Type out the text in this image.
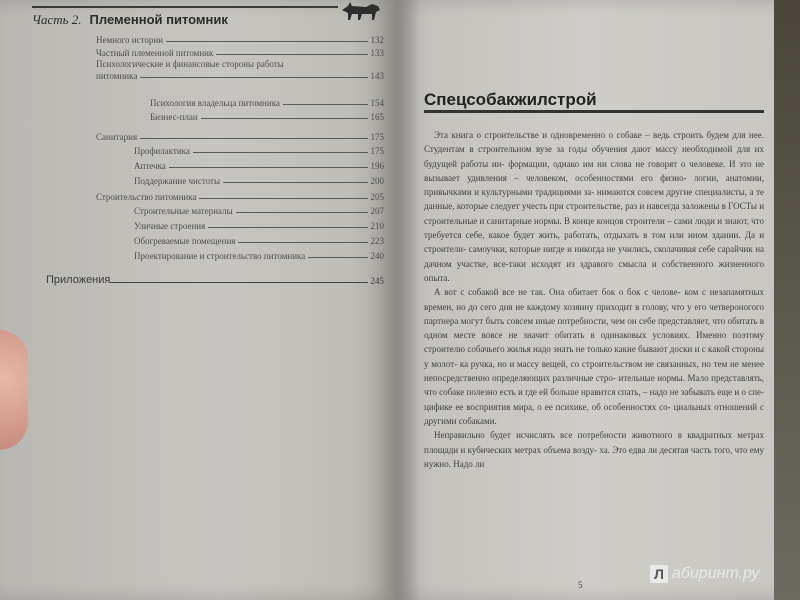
Часть 2. Племенной питомник
Немного истории	132
Частный племенной питомник	133
Психологические и финансовые стороны работы
питомника	143
Психология владельца питомника	154
Бизнес-план	165
Санитария	175
Профилактика	175
Аптечка	196
Поддержание чистоты	200
Строительство питомника	205
Строительные материалы	207
Уличные строения	210
Обогреваемые помещения	223
Проектирование и строительство питомника	240
Приложения	245
Спецсобакжилстрой

Эта книга о строительстве и одновременно о собаке – ведь строить будем для нее. Студентам в строительном вузе за годы обучения дают массу необходимой для их будущей работы ин- формации, однако им ни слова не говорят о человеке. И это не вызывает удивления – человеком, особенностями его физио- логии, анатомии, привычками и культурными традициями за- нимаются совсем другие специалисты, а те данные, которые следует учесть при строительстве, раз и навсегда заложены в ГОСТы и строительные и санитарные нормы. В конце концов строители – сами люди и знают, что требуется себе, какое будет жить, работать, отдыхать в том или ином здании. Да и строители- самоучки, которые нигде и никогда не учились, сколачивая себе сарайчик на дачном участке, все-таки исходят из здравого смысла и собственного жизненного опыта.

А вот с собакой все не так. Она обитает бок о бок с челове- ком с незапамятных времен, но до сего дня не каждому хозяину приходит в голову, что у его четвероногого партнера могут быть совсем иные потребности, чем он себе представляет, что обитать в одном месте вовсе не значит обитать в одинаковых условиях. Именно поэтому строителю собачьего жилья надо знать не только какие бывают доски и с какой стороны у молот- ка ручка, но и массу вещей, со строительством не связанных, но тем не менее непосредственно определяющих различные стро- ительные нормы. Мало представлять, что собаке полезно есть и где ей больше нравится спать, – надо не забывать еще и о спе- цифике ее восприятия мира, о ее психике, об особенностях со- циальных отношений с другими собаками.

Неправильно будет исчислять все потребности животного в квадратных метрах площади и кубических метрах объема возду- ха. Это едва ли десятая часть того, что ему нужно. Надо ли

5
Л абиринт.ру
